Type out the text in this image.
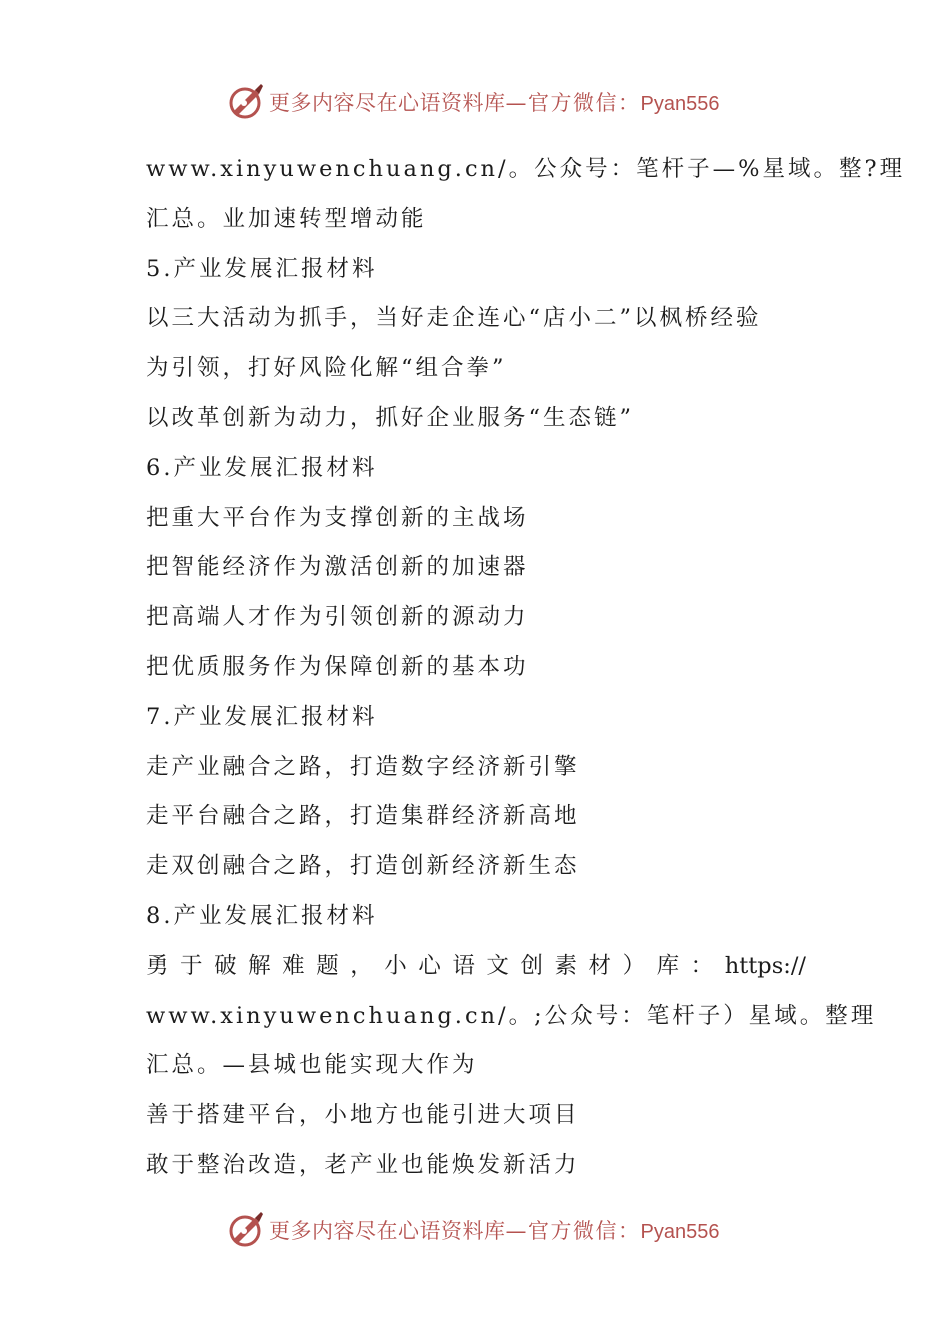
更多内容尽在心语资料库—官方微信：Pyan556
www.xinyuwenchuang.cn/。公众号：笔杆子—%星域。整?理
汇总。业加速转型增动能
5.产业发展汇报材料
以三大活动为抓手，当好走企连心“店小二”以枫桥经验
为引领，打好风险化解“组合拳”
以改革创新为动力，抓好企业服务“生态链”
6.产业发展汇报材料
把重大平台作为支撑创新的主战场
把智能经济作为激活创新的加速器
把高端人才作为引领创新的源动力
把优质服务作为保障创新的基本功
7.产业发展汇报材料
走产业融合之路，打造数字经济新引擎
走平台融合之路，打造集群经济新高地
走双创融合之路，打造创新经济新生态
8.产业发展汇报材料
勇于破解难题，小心语文创素材）库：https://
www.xinyuwenchuang.cn/。;公众号：笔杆子）星域。整理
汇总。—县城也能实现大作为
善于搭建平台，小地方也能引进大项目
敢于整治改造，老产业也能焕发新活力
更多内容尽在心语资料库—官方微信：Pyan556
